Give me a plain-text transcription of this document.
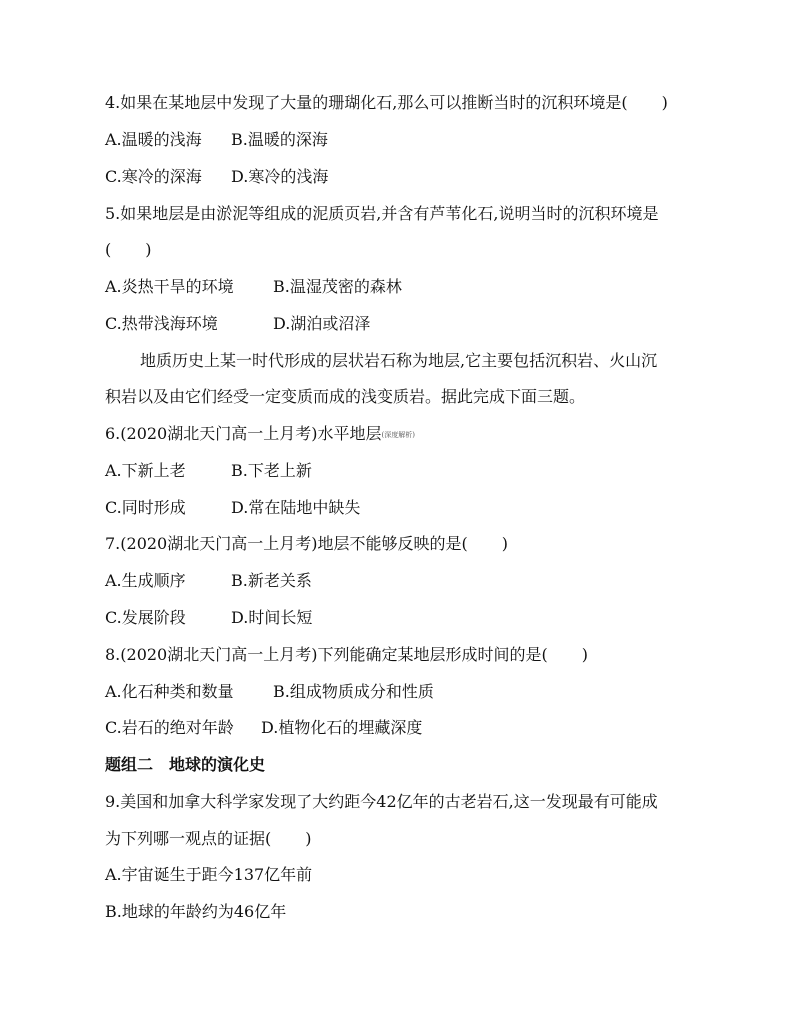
4.如果在某地层中发现了大量的珊瑚化石,那么可以推断当时的沉积环境是( )
A.温暖的浅海 B.温暖的深海
C.寒冷的深海 D.寒冷的浅海
5.如果地层是由淤泥等组成的泥质页岩,并含有芦苇化石,说明当时的沉积环境是
( )
A.炎热干旱的环境 B.温湿茂密的森林
C.热带浅海环境	D.湖泊或沼泽
地质历史上某一时代形成的层状岩石称为地层,它主要包括沉积岩、火山沉
积岩以及由它们经受一定变质而成的浅变质岩。据此完成下面三题。
6.(2020湖北天门高一上月考)水平地层(深度解析)
A.下新上老	B.下老上新
C.同时形成	D.常在陆地中缺失
7.(2020湖北天门高一上月考)地层不能够反映的是( )
A.生成顺序	B.新老关系
C.发展阶段	D.时间长短
8.(2020湖北天门高一上月考)下列能确定某地层形成时间的是( )
A.化石种类和数量 B.组成物质成分和性质
C.岩石的绝对年龄 D.植物化石的埋藏深度
题组二　地球的演化史
9.美国和加拿大科学家发现了大约距今42亿年的古老岩石,这一发现最有可能成
为下列哪一观点的证据( )
A.宇宙诞生于距今137亿年前
B.地球的年龄约为46亿年
